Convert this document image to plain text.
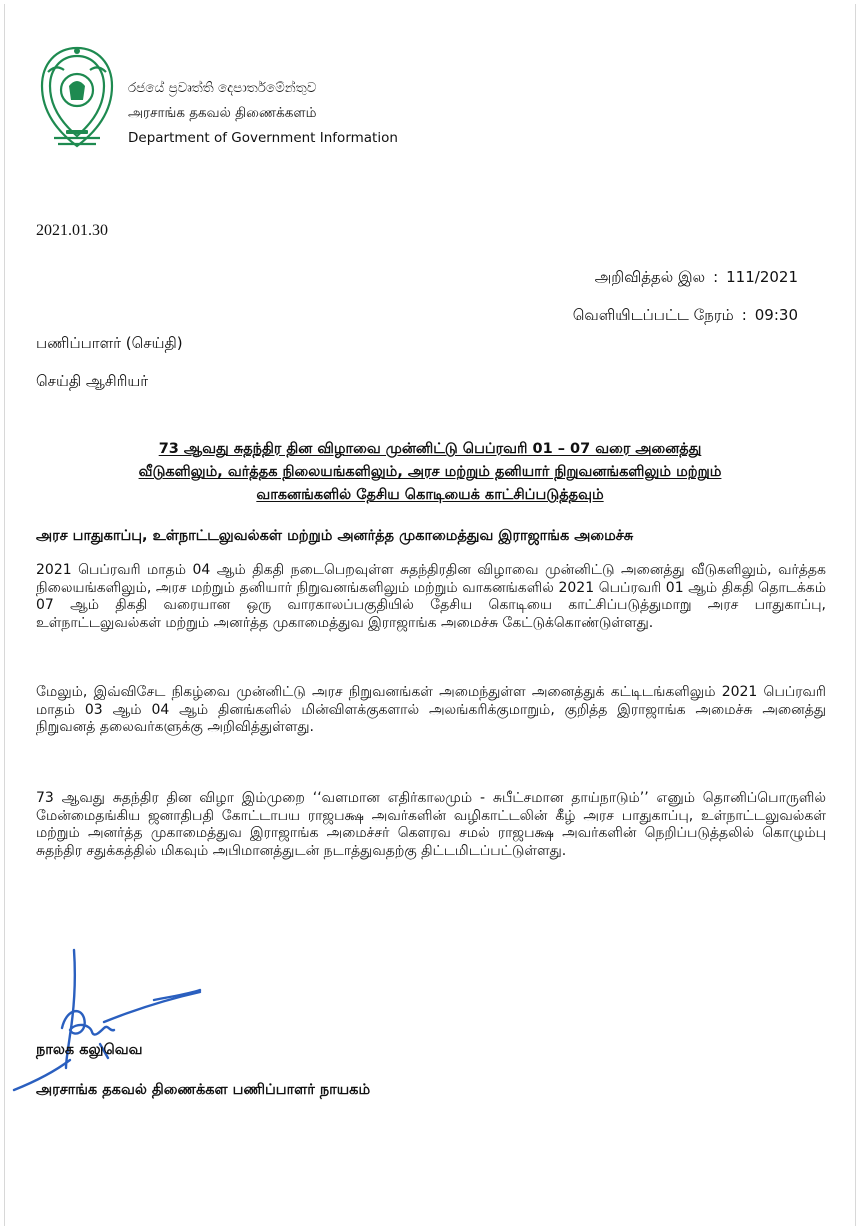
රජයේ ප්‍රවෘත්ති දෙපාර්තමේන්තුව
அரசாங்க தகவல் திணைக்களம்
Department of Government Information
2021.01.30
அறிவித்தல் இல : 111/2021
வெளியிடப்பட்ட நேரம் : 09:30
பணிப்பாளர் (செய்தி)
செய்தி ஆசிரியர்
73 ஆவது சுதந்திர தின விழாவை முன்னிட்டு பெப்ரவரி 01 – 07 வரை அனைத்து
வீடுகளிலும், வர்த்தக நிலையங்களிலும், அரச மற்றும் தனியார் நிறுவனங்களிலும் மற்றும்
வாகனங்களில் தேசிய கொடியைக் காட்சிப்படுத்தவும்
அரச பாதுகாப்பு, உள்நாட்டலுவல்கள் மற்றும் அனர்த்த முகாமைத்துவ இராஜாங்க அமைச்சு

2021 பெப்ரவரி மாதம் 04 ஆம் திகதி நடைபெறவுள்ள சுதந்திரதின விழாவை முன்னிட்டு அனைத்து வீடுகளிலும், வர்த்தக நிலையங்களிலும், அரச மற்றும் தனியார் நிறுவனங்களிலும் மற்றும் வாகனங்களில் 2021 பெப்ரவரி 01 ஆம் திகதி தொடக்கம் 07 ஆம் திகதி வரையான ஒரு வாரகாலப்பகுதியில் தேசிய கொடியை காட்சிப்படுத்துமாறு அரச பாதுகாப்பு, உள்நாட்டலுவல்கள் மற்றும் அனர்த்த முகாமைத்துவ இராஜாங்க அமைச்சு கேட்டுக்கொண்டுள்ளது.

மேலும், இவ்விசேட நிகழ்வை முன்னிட்டு அரச நிறுவனங்கள் அமைந்துள்ள அனைத்துக் கட்டிடங்களிலும் 2021 பெப்ரவரி மாதம் 03 ஆம் 04 ஆம் தினங்களில் மின்விளக்குகளால் அலங்கரிக்குமாறும், குறித்த இராஜாங்க அமைச்சு அனைத்து நிறுவனத் தலைவர்களுக்கு அறிவித்துள்ளது.

73 ஆவது சுதந்திர தின விழா இம்முறை ‘‘வளமான எதிர்காலமும் - சுபீட்சமான தாய்நாடும்’’ எனும் தொனிப்பொருளில் மேன்மைதங்கிய ஜனாதிபதி கோட்டாபய ராஜபக்ஷ அவர்களின் வழிகாட்டலின் கீழ் அரச பாதுகாப்பு, உள்நாட்டலுவல்கள் மற்றும் அனர்த்த முகாமைத்துவ இராஜாங்க அமைச்சர் கௌரவ சமல் ராஜபக்ஷ அவர்களின் நெறிப்படுத்தலில் கொழும்பு சுதந்திர சதுக்கத்தில் மிகவும் அபிமானத்துடன் நடாத்துவதற்கு திட்டமிடப்பட்டுள்ளது.

நாலக கலுவெவ
அரசாங்க தகவல் திணைக்கள பணிப்பாளர் நாயகம்
